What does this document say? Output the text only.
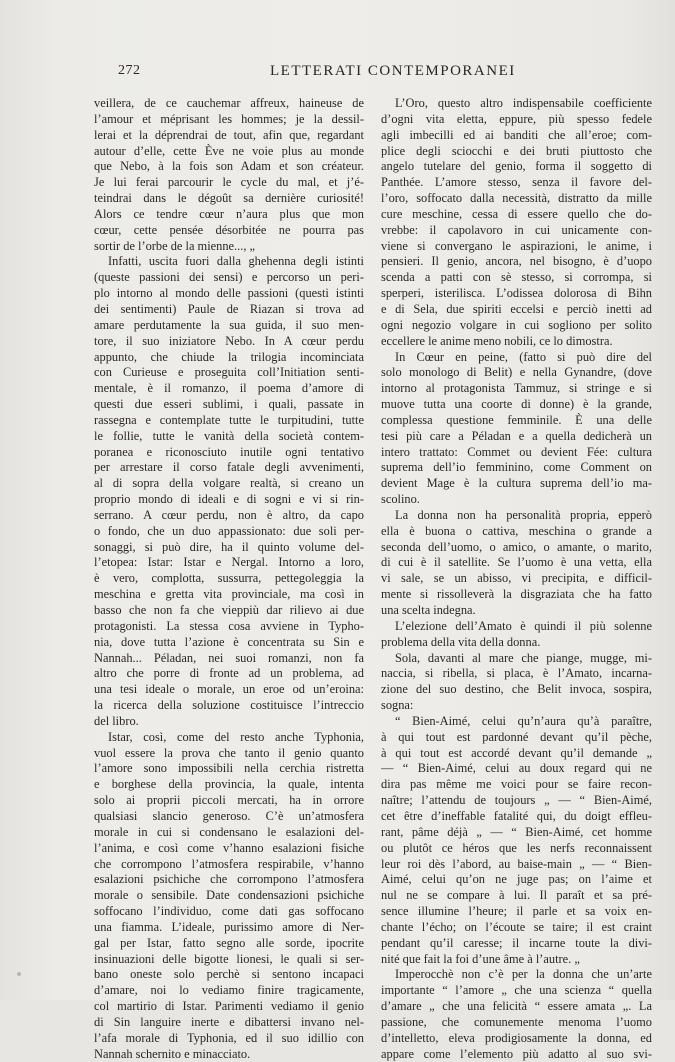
272	LETTERATI CONTEMPORANEI
veillera, de ce cauchemar affreux, haineuse de
l’amour et méprisant les hommes; je la dessil-
lerai et la déprendrai de tout, afin que, regardant
autour d’elle, cette Ève ne voie plus au monde
que Nebo, à la fois son Adam et son créateur.
Je lui ferai parcourir le cycle du mal, et j’é-
teindrai dans le dégoût sa dernière curiosité!
Alors ce tendre cœur n’aura plus que mon
cœur, cette pensée désorbitée ne pourra pas
sortir de l’orbe de la mienne..., „
Infatti, uscita fuori dalla ghehenna degli istinti
(queste passioni dei sensi) e percorso un peri-
plo intorno al mondo delle passioni (questi istinti
dei sentimenti) Paule de Riazan si trova ad
amare perdutamente la sua guida, il suo men-
tore, il suo iniziatore Nebo. In A cœur perdu
appunto, che chiude la trilogia incominciata
con Curieuse e proseguita coll’Initiation senti-
mentale, è il romanzo, il poema d’amore di
questi due esseri sublimi, i quali, passate in
rassegna e contemplate tutte le turpitudini, tutte
le follie, tutte le vanità della società contem-
poranea e riconosciuto inutile ogni tentativo
per arrestare il corso fatale degli avvenimenti,
al di sopra della volgare realtà, si creano un
proprio mondo di ideali e di sogni e vi si rin-
serrano. A cœur perdu, non è altro, da capo
o fondo, che un duo appassionato: due soli per-
sonaggi, si può dire, ha il quinto volume del-
l’etopea: Istar: Istar e Nergal. Intorno a loro,
è vero, complotta, sussurra, pettegoleggia la
meschina e gretta vita provinciale, ma così in
basso che non fa che vieppiù dar rilievo ai due
protagonisti. La stessa cosa avviene in Typho-
nia, dove tutta l’azione è concentrata su Sin e
Nannah... Péladan, nei suoi romanzi, non fa
altro che porre di fronte ad un problema, ad
una tesi ideale o morale, un eroe od un’eroina:
la ricerca della soluzione costituisce l’intreccio
del libro.
Istar, così, come del resto anche Typhonia,
vuol essere la prova che tanto il genio quanto
l’amore sono impossibili nella cerchia ristretta
e borghese della provincia, la quale, intenta
solo ai proprii piccoli mercati, ha in orrore
qualsiasi slancio generoso. C’è un’atmosfera
morale in cui si condensano le esalazioni del-
l’anima, e così come v’hanno esalazioni fisiche
che corrompono l’atmosfera respirabile, v’hanno
esalazioni psichiche che corrompono l’atmosfera
morale o sensibile. Date condensazioni psichiche
soffocano l’individuo, come dati gas soffocano
una fiamma. L’ideale, purissimo amore di Ner-
gal per Istar, fatto segno alle sorde, ipocrite
insinuazioni delle bigotte lionesi, le quali si ser-
bano oneste solo perchè si sentono incapaci
d’amare, noi lo vediamo finire tragicamente,
col martirio di Istar. Parimenti vediamo il genio
di Sin languire inerte e dibattersi invano nel-
l’afa morale di Typhonia, ed il suo idillio con
Nannah schernito e minacciato.
L’Oro, questo altro indispensabile coefficiente
d’ogni vita eletta, eppure, più spesso fedele
agli imbecilli ed ai banditi che all’eroe; com-
plice degli sciocchi e dei bruti piuttosto che
angelo tutelare del genio, forma il soggetto di
Panthée. L’amore stesso, senza il favore del-
l’oro, soffocato dalla necessità, distratto da mille
cure meschine, cessa di essere quello che do-
vrebbe: il capolavoro in cui unicamente con-
viene si convergano le aspirazioni, le anime, i
pensieri. Il genio, ancora, nel bisogno, è d’uopo
scenda a patti con sè stesso, si corrompa, si
sperperi, isterilisca. L’odissea dolorosa di Bihn
e di Sela, due spiriti eccelsi e perciò inetti ad
ogni negozio volgare in cui sogliono per solito
eccellere le anime meno nobili, ce lo dimostra.
In Cœur en peine, (fatto si può dire del
solo monologo di Belit) e nella Gynandre, (dove
intorno al protagonista Tammuz, si stringe e si
muove tutta una coorte di donne) è la grande,
complessa questione femminile. È una delle
tesi più care a Péladan e a quella dedicherà un
intero trattato: Commet ou devient Fée: cultura
suprema dell’io femminino, come Comment on
devient Mage è la cultura suprema dell’io ma-
scolino.
La donna non ha personalità propria, epperò
ella è buona o cattiva, meschina o grande a
seconda dell’uomo, o amico, o amante, o marito,
di cui è il satellite. Se l’uomo è una vetta, ella
vi sale, se un abisso, vi precipita, e difficil-
mente si rissolleverà la disgraziata che ha fatto
una scelta indegna.
L’elezione dell’Amato è quindi il più solenne
problema della vita della donna.
Sola, davanti al mare che piange, mugge, mi-
naccia, si ribella, si placa, è l’Amato, incarna-
zione del suo destino, che Belit invoca, sospira,
sogna:
“ Bien-Aimé, celui qu’n’aura qu’à paraître,
à qui tout est pardonné devant qu’il pèche,
à qui tout est accordé devant qu’il demande „
— “ Bien-Aimé, celui au doux regard qui ne
dira pas même me voici pour se faire recon-
naître; l’attendu de toujours „ — “ Bien-Aimé,
cet être d’ineffable fatalité qui, du doigt effleu-
rant, pâme déjà „ — “ Bien-Aimé, cet homme
ou plutôt ce héros que les nerfs reconnaissent
leur roi dès l’abord, au baise-main „ — “ Bien-
Aimé, celui qu’on ne juge pas; on l’aime et
nul ne se compare à lui. Il paraît et sa pré-
sence illumine l’heure; il parle et sa voix en-
chante l’écho; on l’écoute se taire; il est craint
pendant qu’il caresse; il incarne toute la divi-
nité que fait la foi d’une âme à l’autre. „
Imperocchè non c’è per la donna che un’arte
importante “ l’amore „ che una scienza “ quella
d’amare „ che una felicità “ essere amata „. La
passione, che comunemente menoma l’uomo
d’intelletto, eleva prodigiosamente la donna, ed
appare come l’elemento più adatto al suo svi-
